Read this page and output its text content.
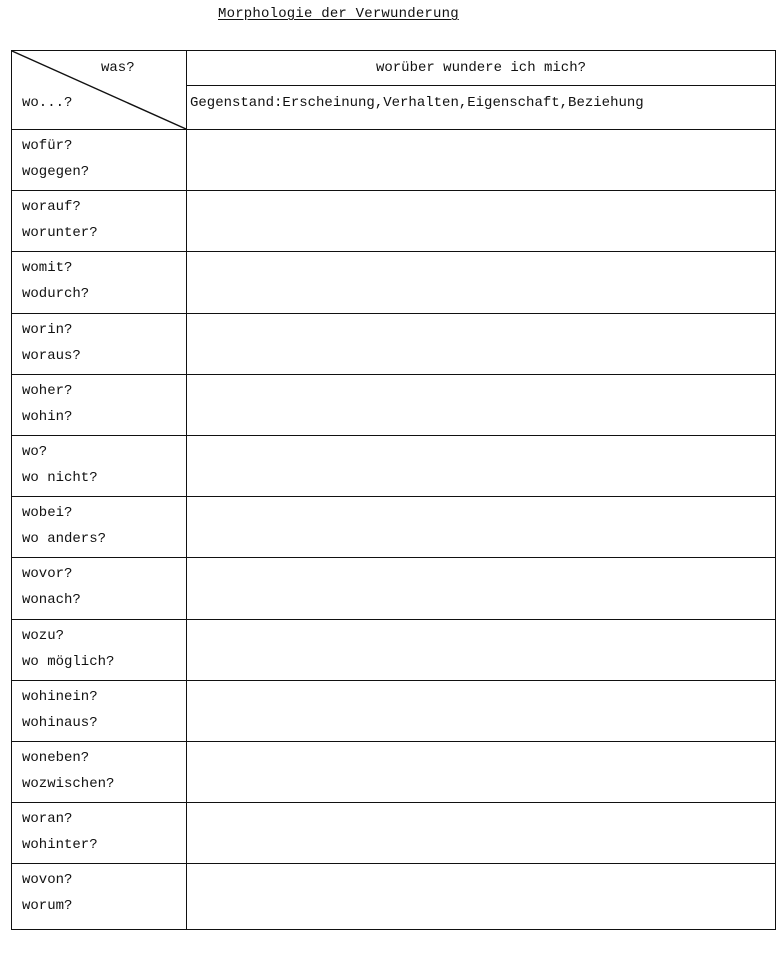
Morphologie der Verwunderung
was?
wo...?
worüber wundere ich mich?
Gegenstand:Erscheinung,Verhalten,Eigenschaft,Beziehung
wofür?
wogegen?
worauf?
worunter?
womit?
wodurch?
worin?
woraus?
woher?
wohin?
wo?
wo nicht?
wobei?
wo anders?
wovor?
wonach?
wozu?
wo möglich?
wohinein?
wohinaus?
woneben?
wozwischen?
woran?
wohinter?
wovon?
worum?
